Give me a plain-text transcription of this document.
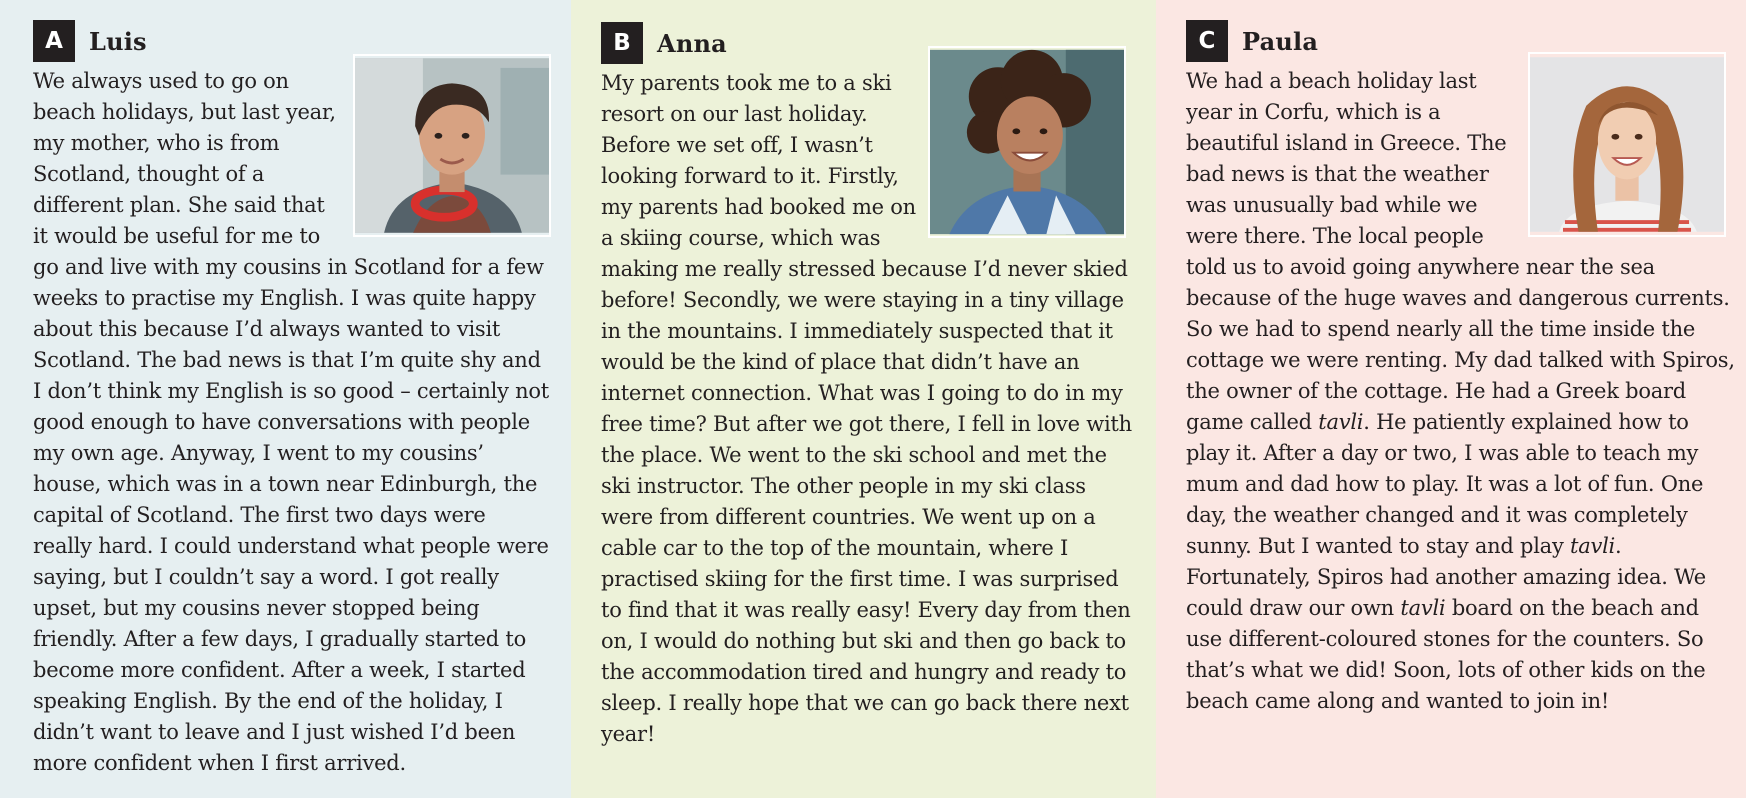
A	Luis

We always used to go on beach holidays, but last year, my mother, who is from Scotland, thought of a different plan. She said that it would be useful for me to go and live with my cousins in Scotland for a few weeks to practise my English. I was quite happy about this because I’d always wanted to visit Scotland. The bad news is that I’m quite shy and I don’t think my English is so good – certainly not good enough to have conversations with people my own age. Anyway, I went to my cousins’ house, which was in a town near Edinburgh, the capital of Scotland. The first two days were really hard. I could understand what people were saying, but I couldn’t say a word. I got really upset, but my cousins never stopped being friendly. After a few days, I gradually started to become more confident. After a week, I started speaking English. By the end of the holiday, I didn’t want to leave and I just wished I’d been more confident when I first arrived.

B	Anna

My parents took me to a ski resort on our last holiday. Before we set off, I wasn’t looking forward to it. Firstly, my parents had booked me on a skiing course, which was making me really stressed because I’d never skied before! Secondly, we were staying in a tiny village in the mountains. I immediately suspected that it would be the kind of place that didn’t have an internet connection. What was I going to do in my free time? But after we got there, I fell in love with the place. We went to the ski school and met the ski instructor. The other people in my ski class were from different countries. We went up on a cable car to the top of the mountain, where I practised skiing for the first time. I was surprised to find that it was really easy! Every day from then on, I would do nothing but ski and then go back to the accommodation tired and hungry and ready to sleep. I really hope that we can go back there next year!

C	Paula

We had a beach holiday last year in Corfu, which is a beautiful island in Greece. The bad news is that the weather was unusually bad while we were there. The local people told us to avoid going anywhere near the sea because of the huge waves and dangerous currents. So we had to spend nearly all the time inside the cottage we were renting. My dad talked with Spiros, the owner of the cottage. He had a Greek board game called tavli. He patiently explained how to play it. After a day or two, I was able to teach my mum and dad how to play. It was a lot of fun. One day, the weather changed and it was completely sunny. But I wanted to stay and play tavli. Fortunately, Spiros had another amazing idea. We could draw our own tavli board on the beach and use different-coloured stones for the counters. So that’s what we did! Soon, lots of other kids on the beach came along and wanted to join in!
